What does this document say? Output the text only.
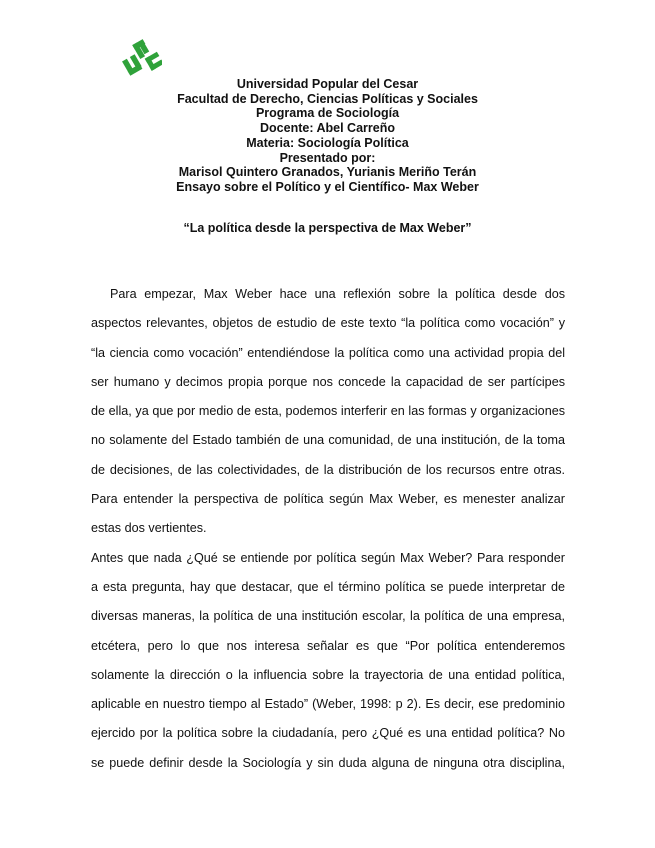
Universidad Popular del Cesar
Facultad de Derecho, Ciencias Políticas y Sociales
Programa de Sociología
Docente: Abel Carreño
Materia: Sociología Política
Presentado por:
Marisol Quintero Granados, Yurianis Meriño Terán
Ensayo sobre el Político y el Científico- Max Weber
“La política desde la perspectiva de Max Weber”
Para empezar, Max Weber hace una reflexión sobre la política desde dos
aspectos relevantes, objetos de estudio de este texto “la política como vocación” y
“la ciencia como vocación” entendiéndose la política como una actividad propia del
ser humano y decimos propia porque nos concede la capacidad de ser partícipes
de ella, ya que por medio de esta, podemos interferir en las formas y organizaciones
no solamente del Estado también de una comunidad, de una institución, de la toma
de decisiones, de las colectividades, de la distribución de los recursos entre otras.
Para entender la perspectiva de política según Max Weber, es menester analizar
estas dos vertientes.
Antes que nada ¿Qué se entiende por política según Max Weber? Para responder
a esta pregunta, hay que destacar, que el término política se puede interpretar de
diversas maneras, la política de una institución escolar, la política de una empresa,
etcétera, pero lo que nos interesa señalar es que “Por política entenderemos
solamente la dirección o la influencia sobre la trayectoria de una entidad política,
aplicable en nuestro tiempo al Estado” (Weber, 1998: p 2). Es decir, ese predominio
ejercido por la política sobre la ciudadanía, pero ¿Qué es una entidad política? No
se puede definir desde la Sociología y sin duda alguna de ninguna otra disciplina,
